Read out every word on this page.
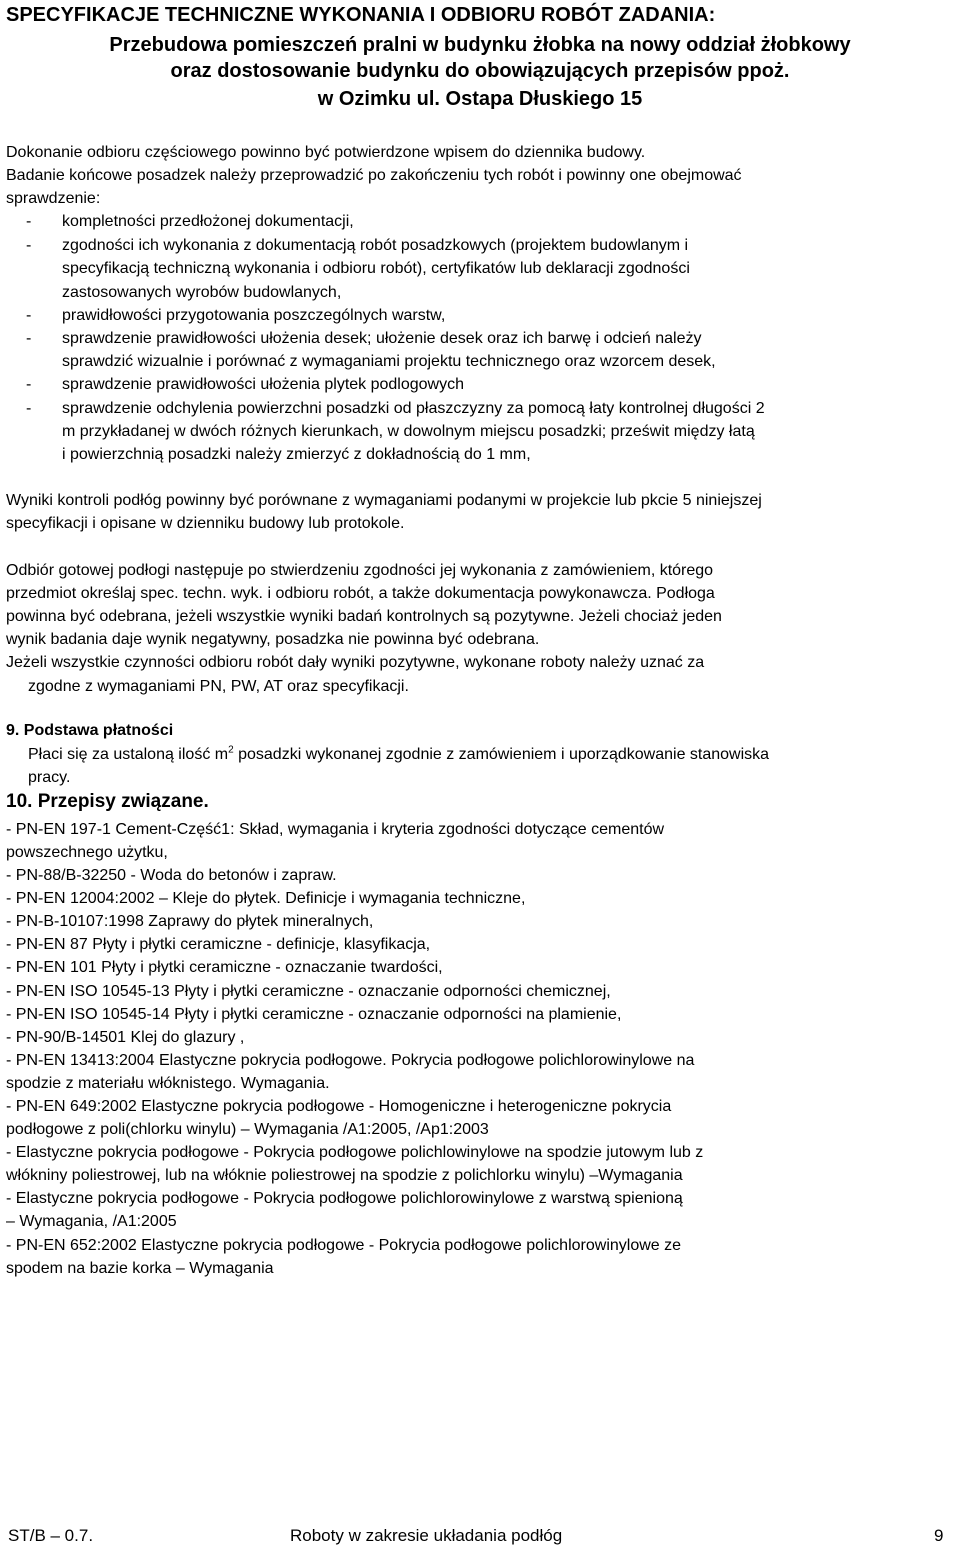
SPECYFIKACJE TECHNICZNE WYKONANIA I ODBIORU ROBÓT ZADANIA:
Przebudowa pomieszczeń pralni w budynku żłobka na nowy oddział żłobkowy
oraz dostosowanie budynku do obowiązujących przepisów ppoż.
w Ozimku ul. Ostapa Dłuskiego 15
Dokonanie odbioru częściowego powinno być potwierdzone wpisem do dziennika budowy.
Badanie końcowe posadzek należy przeprowadzić po zakończeniu tych robót i powinny one obejmować
sprawdzenie:
- kompletności przedłożonej dokumentacji,
- zgodności ich wykonania z dokumentacją robót posadzkowych (projektem budowlanym i
specyfikacją techniczną wykonania i odbioru robót), certyfikatów lub deklaracji zgodności
zastosowanych wyrobów budowlanych,
- prawidłowości przygotowania poszczególnych warstw,
- sprawdzenie prawidłowości ułożenia desek; ułożenie desek oraz ich barwę i odcień należy
sprawdzić wizualnie i porównać z wymaganiami projektu technicznego oraz wzorcem desek,
- sprawdzenie prawidłowości ułożenia plytek podlogowych
- sprawdzenie odchylenia powierzchni posadzki od płaszczyzny za pomocą łaty kontrolnej długości 2
m przykładanej w dwóch różnych kierunkach, w dowolnym miejscu posadzki; prześwit między łatą
i powierzchnią posadzki należy zmierzyć z dokładnością do 1 mm,
Wyniki kontroli podłóg powinny być porównane z wymaganiami podanymi w projekcie lub pkcie 5 niniejszej
specyfikacji i opisane w dzienniku budowy lub protokole.
Odbiór gotowej podłogi następuje po stwierdzeniu zgodności jej wykonania z zamówieniem, którego
przedmiot określaj spec. techn. wyk. i odbioru robót, a także dokumentacja powykonawcza. Podłoga
powinna być odebrana, jeżeli wszystkie wyniki badań kontrolnych są pozytywne. Jeżeli chociaż jeden
wynik badania daje wynik negatywny, posadzka nie powinna być odebrana.
Jeżeli wszystkie czynności odbioru robót dały wyniki pozytywne, wykonane roboty należy uznać za
zgodne z wymaganiami PN, PW, AT oraz specyfikacji.
9. Podstawa płatności
Płaci się za ustaloną ilość $m^2$ posadzki wykonanej zgodnie z zamówieniem i uporządkowanie stanowiska
pracy.
10. Przepisy związane.
- PN-EN 197-1 Cement-Część1: Skład, wymagania i kryteria zgodności dotyczące cementów
powszechnego użytku,
- PN-88/B-32250 - Woda do betonów i zapraw.
- PN-EN 12004:2002 – Kleje do płytek. Definicje i wymagania techniczne,
- PN-B-10107:1998 Zaprawy do płytek mineralnych,
- PN-EN 87 Płyty i płytki ceramiczne - definicje, klasyfikacja,
- PN-EN 101 Płyty i płytki ceramiczne - oznaczanie twardości,
- PN-EN ISO 10545-13 Płyty i płytki ceramiczne - oznaczanie odporności chemicznej,
- PN-EN ISO 10545-14 Płyty i płytki ceramiczne - oznaczanie odporności na plamienie,
- PN-90/B-14501 Klej do glazury ,
- PN-EN 13413:2004 Elastyczne pokrycia podłogowe. Pokrycia podłogowe polichlorowinylowe na
spodzie z materiału włóknistego. Wymagania.
- PN-EN 649:2002 Elastyczne pokrycia podłogowe - Homogeniczne i heterogeniczne pokrycia
podłogowe z poli(chlorku winylu) – Wymagania /A1:2005, /Ap1:2003
- Elastyczne pokrycia podłogowe - Pokrycia podłogowe polichlowinylowe na spodzie jutowym lub z
włókniny poliestrowej, lub na włóknie poliestrowej na spodzie z polichlorku winylu) –Wymagania
- Elastyczne pokrycia podłogowe - Pokrycia podłogowe polichlorowinylowe z warstwą spienioną
– Wymagania, /A1:2005
- PN-EN 652:2002 Elastyczne pokrycia podłogowe - Pokrycia podłogowe polichlorowinylowe ze
spodem na bazie korka – Wymagania
ST/B – 0.7.	Roboty w zakresie układania podłóg	9
